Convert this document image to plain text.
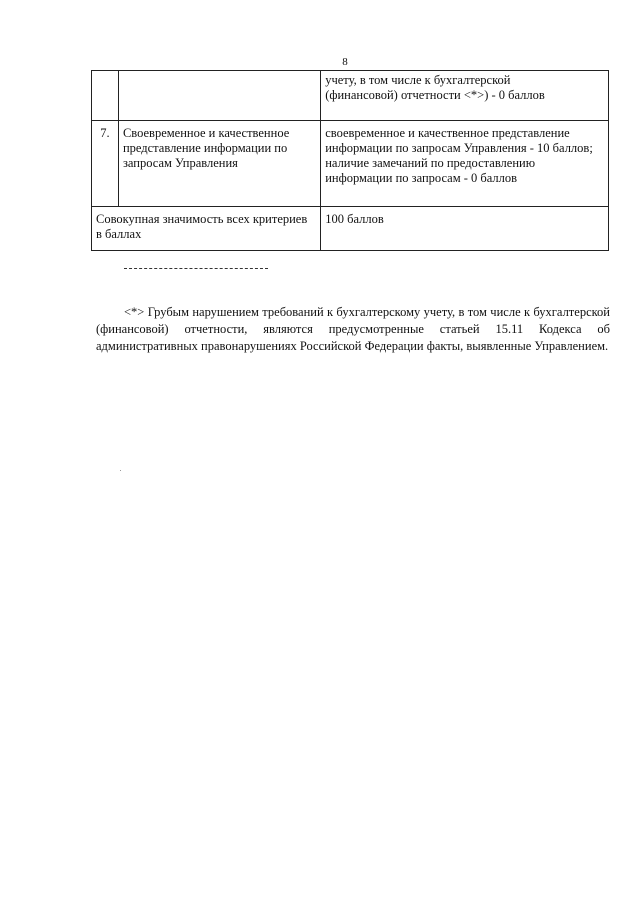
8

		учету, в том числе к бухгалтерской
(финансовой) отчетности <*>) - 0 баллов

7.	Своевременное и качественное представление информации по запросам Управления	своевременное и качественное представление информации по запросам Управления - 10 баллов;
наличие замечаний по предоставлению информации по запросам - 0 баллов

Совокупная значимость всех критериев в баллах		100 баллов

<*> Грубым нарушением требований к бухгалтерскому учету, в том числе к бухгалтерской (финансовой) отчетности, являются предусмотренные статьей 15.11 Кодекса об административных правонарушениях Российской Федерации факты, выявленные Управлением.
